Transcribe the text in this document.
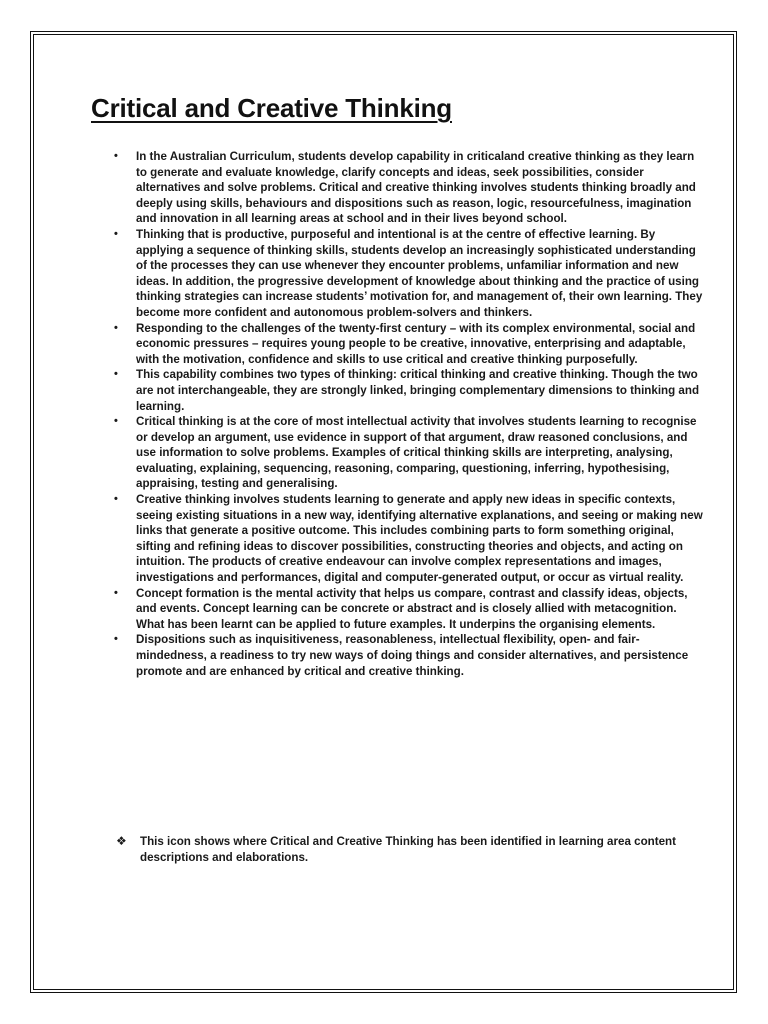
Critical and Creative Thinking
• In the Australian Curriculum, students develop capability in criticaland creative thinking as they learn to generate and evaluate knowledge, clarify concepts and ideas, seek possibilities, consider alternatives and solve problems. Critical and creative thinking involves students thinking broadly and deeply using skills, behaviours and dispositions such as reason, logic, resourcefulness, imagination and innovation in all learning areas at school and in their lives beyond school.
• Thinking that is productive, purposeful and intentional is at the centre of effective learning. By applying a sequence of thinking skills, students develop an increasingly sophisticated understanding of the processes they can use whenever they encounter problems, unfamiliar information and new ideas. In addition, the progressive development of knowledge about thinking and the practice of using thinking strategies can increase students’ motivation for, and management of, their own learning. They become more confident and autonomous problem-solvers and thinkers.
• Responding to the challenges of the twenty-first century – with its complex environmental, social and economic pressures – requires young people to be creative, innovative, enterprising and adaptable, with the motivation, confidence and skills to use critical and creative thinking purposefully.
• This capability combines two types of thinking: critical thinking and creative thinking. Though the two are not interchangeable, they are strongly linked, bringing complementary dimensions to thinking and learning.
• Critical thinking is at the core of most intellectual activity that involves students learning to recognise or develop an argument, use evidence in support of that argument, draw reasoned conclusions, and use information to solve problems. Examples of critical thinking skills are interpreting, analysing, evaluating, explaining, sequencing, reasoning, comparing, questioning, inferring, hypothesising, appraising, testing and generalising.
• Creative thinking involves students learning to generate and apply new ideas in specific contexts, seeing existing situations in a new way, identifying alternative explanations, and seeing or making new links that generate a positive outcome. This includes combining parts to form something original, sifting and refining ideas to discover possibilities, constructing theories and objects, and acting on intuition. The products of creative endeavour can involve complex representations and images, investigations and performances, digital and computer-generated output, or occur as virtual reality.
• Concept formation is the mental activity that helps us compare, contrast and classify ideas, objects, and events. Concept learning can be concrete or abstract and is closely allied with metacognition. What has been learnt can be applied to future examples. It underpins the organising elements.
• Dispositions such as inquisitiveness, reasonableness, intellectual flexibility, open- and fair-mindedness, a readiness to try new ways of doing things and consider alternatives, and persistence promote and are enhanced by critical and creative thinking.
❖ This icon shows where Critical and Creative Thinking has been identified in learning area content descriptions and elaborations.
